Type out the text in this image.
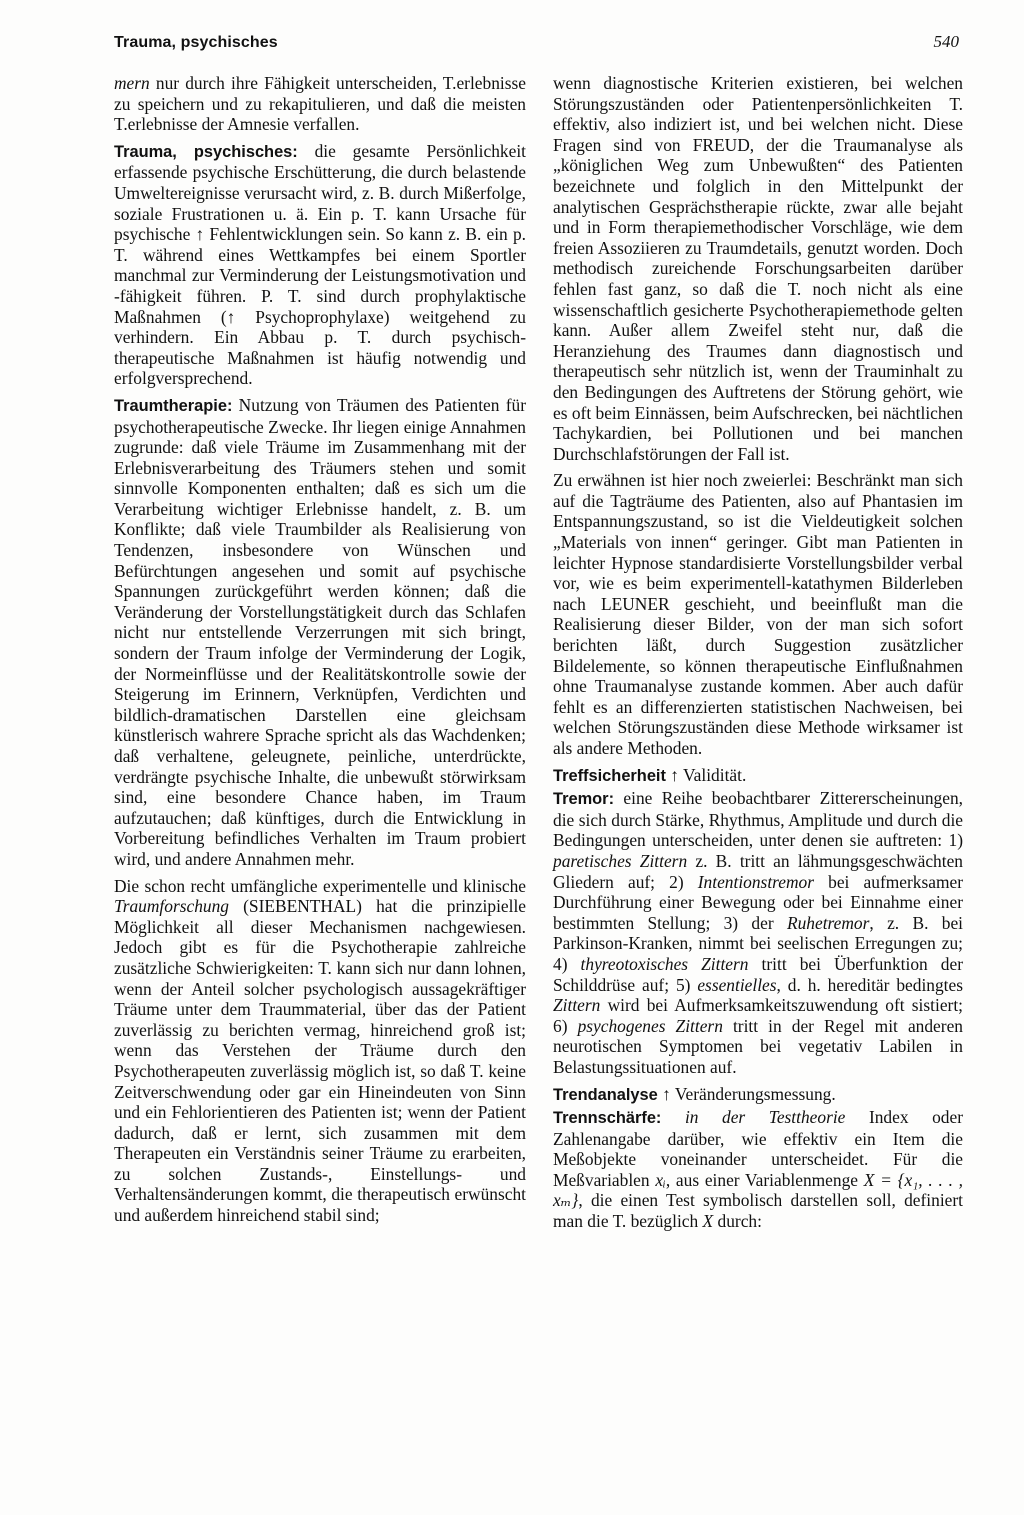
Trauma, psychisches	540

mern nur durch ihre Fähigkeit unterscheiden, T.erlebnisse zu speichern und zu rekapitulieren, und daß die meisten T.erlebnisse der Amnesie verfallen.

Trauma, psychisches: die gesamte Persönlichkeit erfassende psychische Erschütterung, die durch belastende Umweltereignisse verursacht wird, z. B. durch Mißerfolge, soziale Frustrationen u. ä. Ein p. T. kann Ursache für psychische ↑ Fehlentwicklungen sein. So kann z. B. ein p. T. während eines Wettkampfes bei einem Sportler manchmal zur Verminderung der Leistungsmotivation und -fähigkeit führen. P. T. sind durch prophylaktische Maßnahmen (↑ Psychoprophylaxe) weitgehend zu verhindern. Ein Abbau p. T. durch psychisch-therapeutische Maßnahmen ist häufig notwendig und erfolgversprechend.

Traumtherapie: Nutzung von Träumen des Patienten für psychotherapeutische Zwecke. Ihr liegen einige Annahmen zugrunde: daß viele Träume im Zusammenhang mit der Erlebnisverarbeitung des Träumers stehen und somit sinnvolle Komponenten enthalten; daß es sich um die Verarbeitung wichtiger Erlebnisse handelt, z. B. um Konflikte; daß viele Traumbilder als Realisierung von Tendenzen, insbesondere von Wünschen und Befürchtungen angesehen und somit auf psychische Spannungen zurückgeführt werden können; daß die Veränderung der Vorstellungstätigkeit durch das Schlafen nicht nur entstellende Verzerrungen mit sich bringt, sondern der Traum infolge der Verminderung der Logik, der Normeinflüsse und der Realitätskontrolle sowie der Steigerung im Erinnern, Verknüpfen, Verdichten und bildlich-dramatischen Darstellen eine gleichsam künstlerisch wahrere Sprache spricht als das Wachdenken; daß verhaltene, geleugnete, peinliche, unterdrückte, verdrängte psychische Inhalte, die unbewußt störwirksam sind, eine besondere Chance haben, im Traum aufzutauchen; daß künftiges, durch die Entwicklung in Vorbereitung befindliches Verhalten im Traum probiert wird, und andere Annahmen mehr.

Die schon recht umfängliche experimentelle und klinische Traumforschung (SIEBENTHAL) hat die prinzipielle Möglichkeit all dieser Mechanismen nachgewiesen. Jedoch gibt es für die Psychotherapie zahlreiche zusätzliche Schwierigkeiten: T. kann sich nur dann lohnen, wenn der Anteil solcher psychologisch aussagekräftiger Träume unter dem Traummaterial, über das der Patient zuverlässig zu berichten vermag, hinreichend groß ist; wenn das Verstehen der Träume durch den Psychotherapeuten zuverlässig möglich ist, so daß T. keine Zeitverschwendung oder gar ein Hineindeuten von Sinn und ein Fehlorientieren des Patienten ist; wenn der Patient dadurch, daß er lernt, sich zusammen mit dem Therapeuten ein Verständnis seiner Träume zu erarbeiten, zu solchen Zustands-, Einstellungs- und Verhaltensänderungen kommt, die therapeutisch erwünscht und außerdem hinreichend stabil sind;

wenn diagnostische Kriterien existieren, bei welchen Störungszuständen oder Patientenpersönlichkeiten T. effektiv, also indiziert ist, und bei welchen nicht. Diese Fragen sind von FREUD, der die Traumanalyse als „königlichen Weg zum Unbewußten“ des Patienten bezeichnete und folglich in den Mittelpunkt der analytischen Gesprächstherapie rückte, zwar alle bejaht und in Form therapiemethodischer Vorschläge, wie dem freien Assoziieren zu Traumdetails, genutzt worden. Doch methodisch zureichende Forschungsarbeiten darüber fehlen fast ganz, so daß die T. noch nicht als eine wissenschaftlich gesicherte Psychotherapiemethode gelten kann. Außer allem Zweifel steht nur, daß die Heranziehung des Traumes dann diagnostisch und therapeutisch sehr nützlich ist, wenn der Trauminhalt zu den Bedingungen des Auftretens der Störung gehört, wie es oft beim Einnässen, beim Aufschrecken, bei nächtlichen Tachykardien, bei Pollutionen und bei manchen Durchschlafstörungen der Fall ist.

Zu erwähnen ist hier noch zweierlei: Beschränkt man sich auf die Tagträume des Patienten, also auf Phantasien im Entspannungszustand, so ist die Vieldeutigkeit solchen „Materials von innen“ geringer. Gibt man Patienten in leichter Hypnose standardisierte Vorstellungsbilder verbal vor, wie es beim experimentell-katathymen Bilderleben nach LEUNER geschieht, und beeinflußt man die Realisierung dieser Bilder, von der man sich sofort berichten läßt, durch Suggestion zusätzlicher Bildelemente, so können therapeutische Einflußnahmen ohne Traumanalyse zustande kommen. Aber auch dafür fehlt es an differenzierten statistischen Nachweisen, bei welchen Störungszuständen diese Methode wirksamer ist als andere Methoden.

Treffsicherheit ↑ Validität.

Tremor: eine Reihe beobachtbarer Zittererscheinungen, die sich durch Stärke, Rhythmus, Amplitude und durch die Bedingungen unterscheiden, unter denen sie auftreten: 1) paretisches Zittern z. B. tritt an lähmungsgeschwächten Gliedern auf; 2) Intentionstremor bei aufmerksamer Durchführung einer Bewegung oder bei Einnahme einer bestimmten Stellung; 3) der Ruhetremor, z. B. bei Parkinson-Kranken, nimmt bei seelischen Erregungen zu; 4) thyreotoxisches Zittern tritt bei Überfunktion der Schilddrüse auf; 5) essentielles, d. h. hereditär bedingtes Zittern wird bei Aufmerksamkeitszuwendung oft sistiert; 6) psychogenes Zittern tritt in der Regel mit anderen neurotischen Symptomen bei vegetativ Labilen in Belastungssituationen auf.

Trendanalyse ↑ Veränderungsmessung.

Trennschärfe: in der Testtheorie Index oder Zahlenangabe darüber, wie effektiv ein Item die Meßobjekte voneinander unterscheidet. Für die Meßvariablen xᵢ, aus einer Variablenmenge X = {x₁, . . . , xₘ}, die einen Test symbolisch darstellen soll, definiert man die T. bezüglich X durch:
